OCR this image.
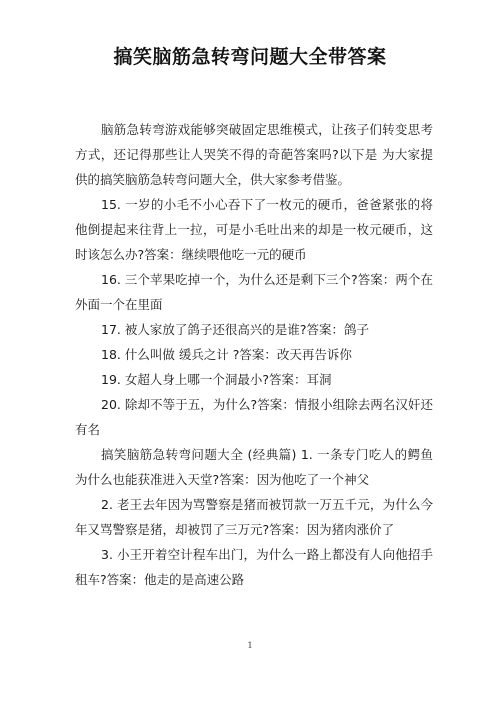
搞笑脑筋急转弯问题大全带答案

脑筋急转弯游戏能够突破固定思维模式，让孩子们转变思考方式，还记得那些让人哭笑不得的奇葩答案吗?以下是 为大家提供的搞笑脑筋急转弯问题大全，供大家参考借鉴。

15. 一岁的小毛不小心吞下了一枚元的硬币，爸爸紧张的将他倒提起来往背上一拉，可是小毛吐出来的却是一枚元硬币，这时该怎么办?答案：继续喂他吃一元的硬币

16. 三个苹果吃掉一个，为什么还是剩下三个?答案：两个在外面一个在里面

17. 被人家放了鸽子还很高兴的是谁?答案：鸽子

18. 什么叫做 缓兵之计 ?答案：改天再告诉你

19. 女超人身上哪一个洞最小?答案：耳洞

20. 除却不等于五，为什么?答案：情报小组除去两名汉奸还有名

搞笑脑筋急转弯问题大全 (经典篇) 1. 一条专门吃人的鳄鱼为什么也能获准进入天堂?答案：因为他吃了一个神父

2. 老王去年因为骂警察是猪而被罚款一万五千元，为什么今年又骂警察是猪，却被罚了三万元?答案：因为猪肉涨价了

3. 小王开着空计程车出门，为什么一路上都没有人向他招手租车?答案：他走的是高速公路

1
